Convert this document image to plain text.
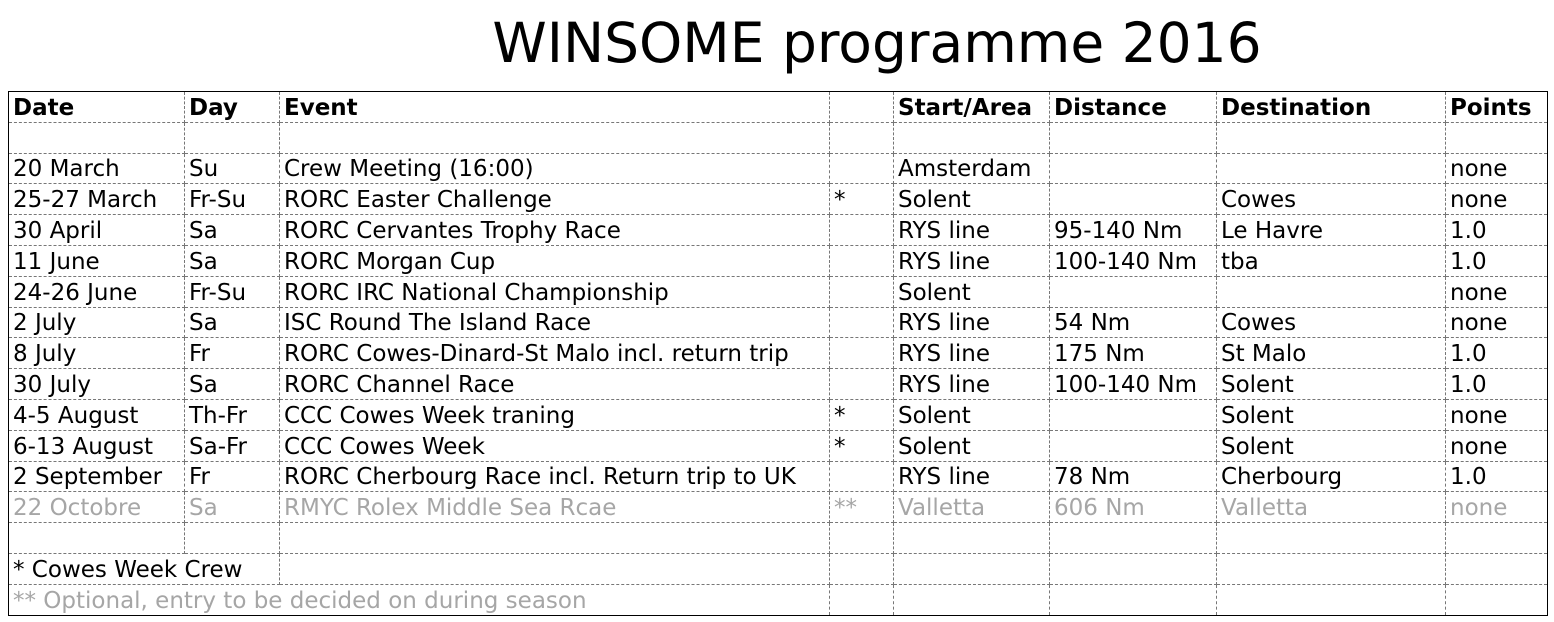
WINSOME programme 2016
Date	Day	Event		Start/Area	Distance	Destination	Points

20 March	Su	Crew Meeting (16:00)		Amsterdam			none
25-27 March	Fr-Su	RORC Easter Challenge	*	Solent		Cowes	none
30 April	Sa	RORC Cervantes Trophy Race		RYS line	95-140 Nm	Le Havre	1.0
11 June	Sa	RORC Morgan Cup		RYS line	100-140 Nm	tba	1.0
24-26 June	Fr-Su	RORC IRC National Championship		Solent			none
2 July	Sa	ISC Round The Island Race		RYS line	54 Nm	Cowes	none
8 July	Fr	RORC Cowes-Dinard-St Malo incl. return trip		RYS line	175 Nm	St Malo	1.0
30 July	Sa	RORC Channel Race		RYS line	100-140 Nm	Solent	1.0
4-5 August	Th-Fr	CCC Cowes Week traning	*	Solent		Solent	none
6-13 August	Sa-Fr	CCC Cowes Week	*	Solent		Solent	none
2 September	Fr	RORC Cherbourg Race incl. Return trip to UK		RYS line	78 Nm	Cherbourg	1.0
22 Octobre	Sa	RMYC Rolex Middle Sea Rcae	**	Valletta	606 Nm	Valletta	none

* Cowes Week Crew							
** Optional, entry to be decided on during season							
